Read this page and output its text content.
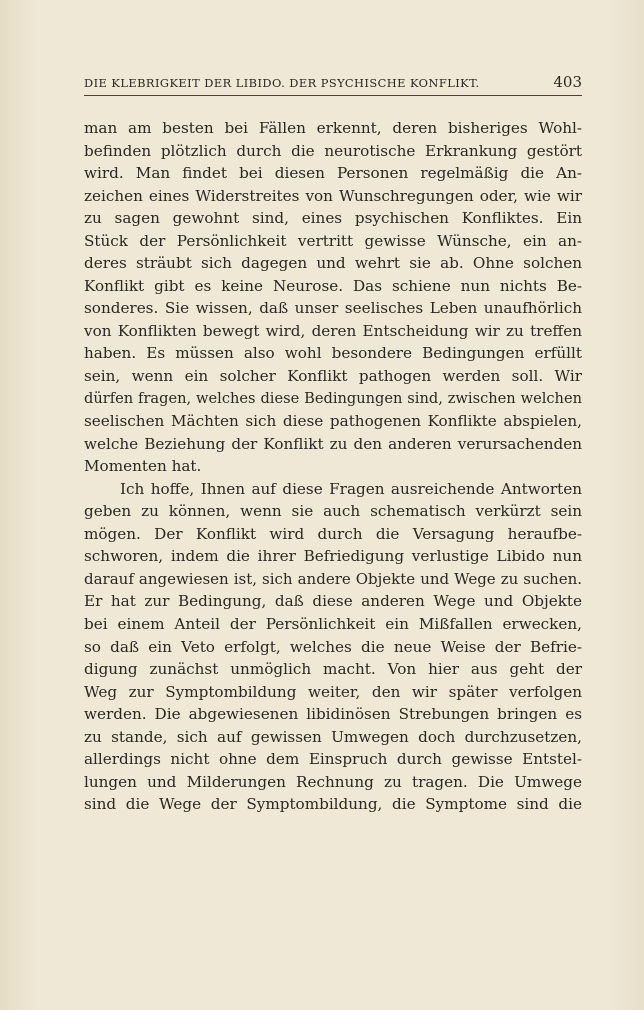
DIE KLEBRIGKEIT DER LIBIDO. DER PSYCHISCHE KONFLIKT.	403
man am besten bei Fällen erkennt, deren bisheriges Wohl-
befinden plötzlich durch die neurotische Erkrankung gestört
wird. Man findet bei diesen Personen regelmäßig die An-
zeichen eines Widerstreites von Wunschregungen oder, wie wir
zu sagen gewohnt sind, eines psychischen Konfliktes. Ein
Stück der Persönlichkeit vertritt gewisse Wünsche, ein an-
deres sträubt sich dagegen und wehrt sie ab. Ohne solchen
Konflikt gibt es keine Neurose. Das schiene nun nichts Be-
sonderes. Sie wissen, daß unser seelisches Leben unaufhörlich
von Konflikten bewegt wird, deren Entscheidung wir zu treffen
haben. Es müssen also wohl besondere Bedingungen erfüllt
sein, wenn ein solcher Konflikt pathogen werden soll. Wir
dürfen fragen, welches diese Bedingungen sind, zwischen welchen
seelischen Mächten sich diese pathogenen Konflikte abspielen,
welche Beziehung der Konflikt zu den anderen verursachenden
Momenten hat.
Ich hoffe, Ihnen auf diese Fragen ausreichende Antworten
geben zu können, wenn sie auch schematisch verkürzt sein
mögen. Der Konflikt wird durch die Versagung heraufbe-
schworen, indem die ihrer Befriedigung verlustige Libido nun
darauf angewiesen ist, sich andere Objekte und Wege zu suchen.
Er hat zur Bedingung, daß diese anderen Wege und Objekte
bei einem Anteil der Persönlichkeit ein Mißfallen erwecken,
so daß ein Veto erfolgt, welches die neue Weise der Befrie-
digung zunächst unmöglich macht. Von hier aus geht der
Weg zur Symptombildung weiter, den wir später verfolgen
werden. Die abgewiesenen libidinösen Strebungen bringen es
zu stande, sich auf gewissen Umwegen doch durchzusetzen,
allerdings nicht ohne dem Einspruch durch gewisse Entstel-
lungen und Milderungen Rechnung zu tragen. Die Umwege
sind die Wege der Symptombildung, die Symptome sind die
